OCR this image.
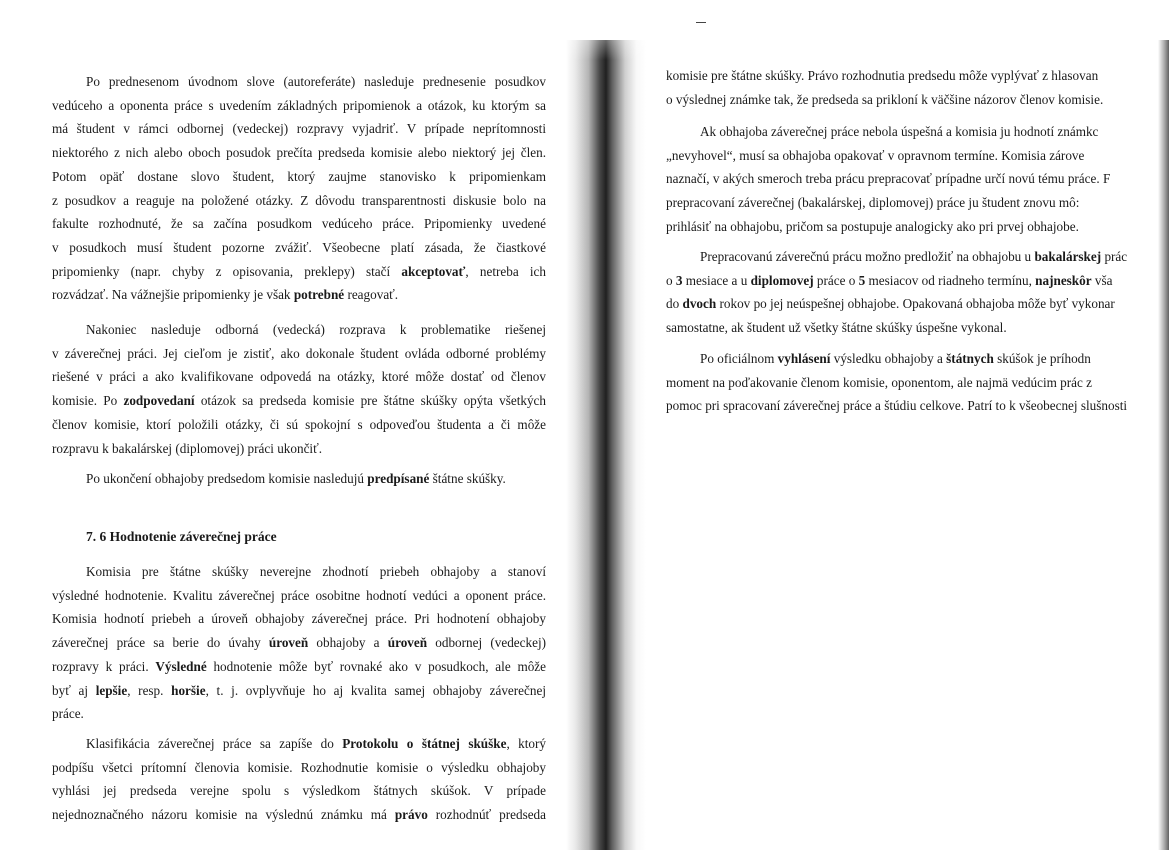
Po prednesenom úvodnom slove (autoreferáte) nasleduje prednesenie posudkov
vedúceho a oponenta práce s uvedením základných pripomienok a otázok, ku ktorým sa
má študent v rámci odbornej (vedeckej) rozpravy vyjadriť. V prípade neprítomnosti
niektorého z nich alebo oboch posudok prečíta predseda komisie alebo niektorý jej člen.
Potom opäť dostane slovo študent, ktorý zaujme stanovisko k pripomienkam
z posudkov a reaguje na položené otázky. Z dôvodu transparentnosti diskusie bolo na
fakulte rozhodnuté, že sa začína posudkom vedúceho práce. Pripomienky uvedené
v posudkoch musí študent pozorne zvážiť. Všeobecne platí zásada, že čiastkové
pripomienky (napr. chyby z opisovania, preklepy) stačí akceptovať, netreba ich
rozvádzať. Na vážnejšie pripomienky je však potrebné reagovať.

Nakoniec nasleduje odborná (vedecká) rozprava k problematike riešenej
v záverečnej práci. Jej cieľom je zistiť, ako dokonale študent ovláda odborné problémy
riešené v práci a ako kvalifikovane odpovedá na otázky, ktoré môže dostať od členov
komisie. Po zodpovedaní otázok sa predseda komisie pre štátne skúšky opýta všetkých
členov komisie, ktorí položili otázky, či sú spokojní s odpoveďou študenta a či môže
rozpravu k bakalárskej (diplomovej) práci ukončiť.

Po ukončení obhajoby predsedom komisie nasledujú predpísané štátne skúšky.

7. 6 Hodnotenie záverečnej práce

Komisia pre štátne skúšky neverejne zhodnotí priebeh obhajoby a stanoví
výsledné hodnotenie. Kvalitu záverečnej práce osobitne hodnotí vedúci a oponent práce.
Komisia hodnotí priebeh a úroveň obhajoby záverečnej práce. Pri hodnotení obhajoby
záverečnej práce sa berie do úvahy úroveň obhajoby a úroveň odbornej (vedeckej)
rozpravy k práci. Výsledné hodnotenie môže byť rovnaké ako v posudkoch, ale môže
byť aj lepšie, resp. horšie, t. j. ovplyvňuje ho aj kvalita samej obhajoby záverečnej
práce.

Klasifikácia záverečnej práce sa zapíše do Protokolu o štátnej skúške, ktorý
podpíšu všetci prítomní členovia komisie. Rozhodnutie komisie o výsledku obhajoby
vyhlási jej predseda verejne spolu s výsledkom štátnych skúšok. V prípade
nejednoznačného názoru komisie na výslednú známku má právo rozhodnúť predseda

komisie pre štátne skúšky. Právo rozhodnutia predsedu môže vyplývať z hlasovan
o výslednej známke tak, že predseda sa prikloní k väčšine názorov členov komisie.

Ak obhajoba záverečnej práce nebola úspešná a komisia ju hodnotí známkc
„nevyhovel“, musí sa obhajoba opakovať v opravnom termíne. Komisia zárove
naznačí, v akých smeroch treba prácu prepracovať prípadne určí novú tému práce. F
prepracovaní záverečnej (bakalárskej, diplomovej) práce ju študent znovu mô:
prihlásiť na obhajobu, pričom sa postupuje analogicky ako pri prvej obhajobe.

Prepracovanú záverečnú prácu možno predložiť na obhajobu u bakalárskej prác
o 3 mesiace a u diplomovej práce o 5 mesiacov od riadneho termínu, najneskôr vša
do dvoch rokov po jej neúspešnej obhajobe. Opakovaná obhajoba môže byť vykonar
samostatne, ak študent už všetky štátne skúšky úspešne vykonal.

Po oficiálnom vyhlásení výsledku obhajoby a štátnych skúšok je príhodn
moment na poďakovanie členom komisie, oponentom, ale najmä vedúcim prác z
pomoc pri spracovaní záverečnej práce a štúdiu celkove. Patrí to k všeobecnej slušnosti
